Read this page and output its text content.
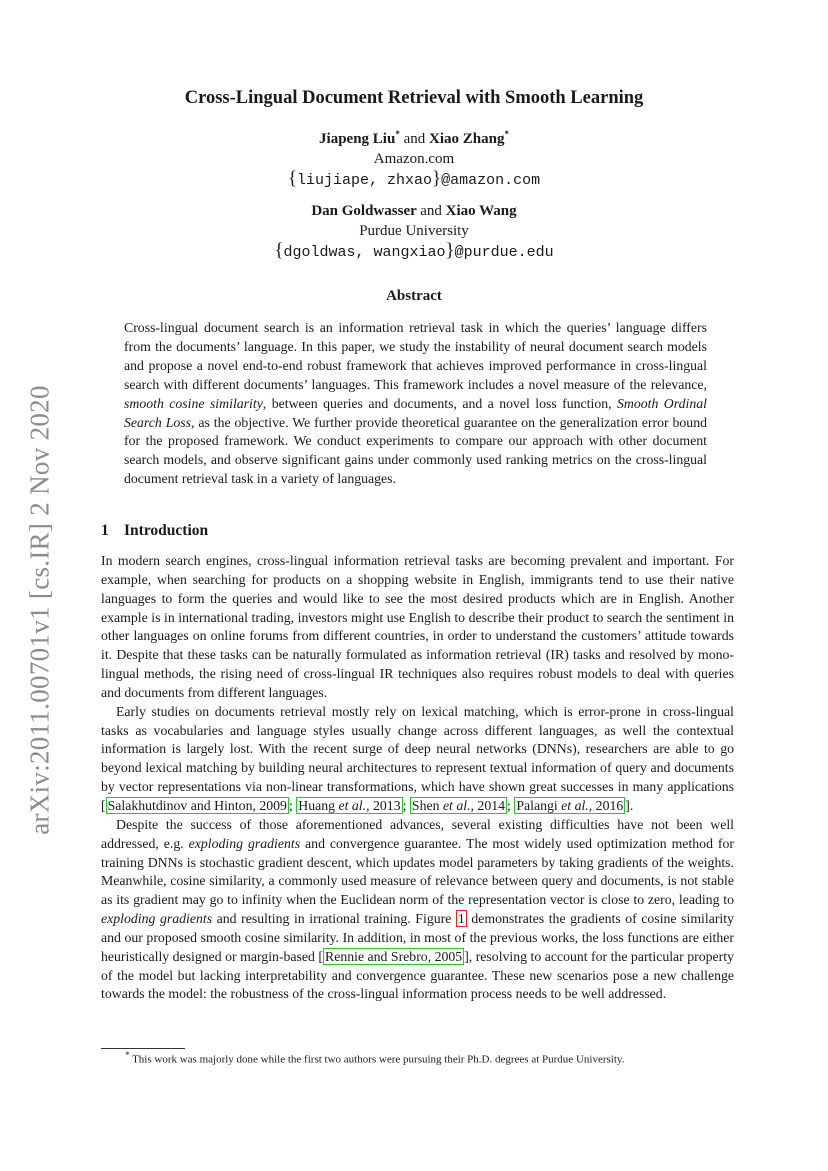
arXiv:2011.00701v1 [cs.IR] 2 Nov 2020
Cross-Lingual Document Retrieval with Smooth Learning
Jiapeng Liu* and Xiao Zhang*
Amazon.com
{liujiape, zhxao}@amazon.com
Dan Goldwasser and Xiao Wang
Purdue University
{dgoldwas, wangxiao}@purdue.edu
Abstract
Cross-lingual document search is an information retrieval task in which the queries’ language differs from the documents’ language. In this paper, we study the instability of neural document search models and propose a novel end-to-end robust framework that achieves improved performance in cross-lingual search with different documents’ languages. This framework includes a novel measure of the relevance, smooth cosine similarity, between queries and documents, and a novel loss function, Smooth Ordinal Search Loss, as the objective. We further provide theoretical guarantee on the generalization error bound for the proposed framework. We conduct experiments to compare our approach with other document search models, and observe significant gains under commonly used ranking metrics on the cross-lingual document retrieval task in a variety of languages.
1 Introduction

In modern search engines, cross-lingual information retrieval tasks are becoming prevalent and important. For example, when searching for products on a shopping website in English, immigrants tend to use their native languages to form the queries and would like to see the most desired products which are in English. Another example is in international trading, investors might use English to describe their product to search the sentiment in other languages on online forums from different countries, in order to understand the customers’ attitude towards it. Despite that these tasks can be naturally formulated as information retrieval (IR) tasks and resolved by mono-lingual methods, the rising need of cross-lingual IR techniques also requires robust models to deal with queries and documents from different languages.

Early studies on documents retrieval mostly rely on lexical matching, which is error-prone in cross-lingual tasks as vocabularies and language styles usually change across different languages, as well the contextual information is largely lost. With the recent surge of deep neural networks (DNNs), researchers are able to go beyond lexical matching by building neural architectures to represent textual information of query and documents by vector representations via non-linear transformations, which have shown great successes in many applications [ Salakhutdinov and Hinton, 2009 ; Huang et al., 2013 ; Shen et al., 2014 ; Palangi et al., 2016 ].

Despite the success of those aforementioned advances, several existing difficulties have not been well addressed, e.g. exploding gradients and convergence guarantee. The most widely used optimization method for training DNNs is stochastic gradient descent, which updates model parameters by taking gradients of the weights. Meanwhile, cosine similarity, a commonly used measure of relevance between query and documents, is not stable as its gradient may go to infinity when the Euclidean norm of the representation vector is close to zero, leading to exploding gradients and resulting in irrational training. Figure 1 demonstrates the gradients of cosine similarity and our proposed smooth cosine similarity. In addition, in most of the previous works, the loss functions are either heuristically designed or margin-based [ Rennie and Srebro, 2005 ], resolving to account for the particular property of the model but lacking interpretability and convergence guarantee. These new scenarios pose a new challenge towards the model: the robustness of the cross-lingual information process needs to be well addressed.

* This work was majorly done while the first two authors were pursuing their Ph.D. degrees at Purdue University.
